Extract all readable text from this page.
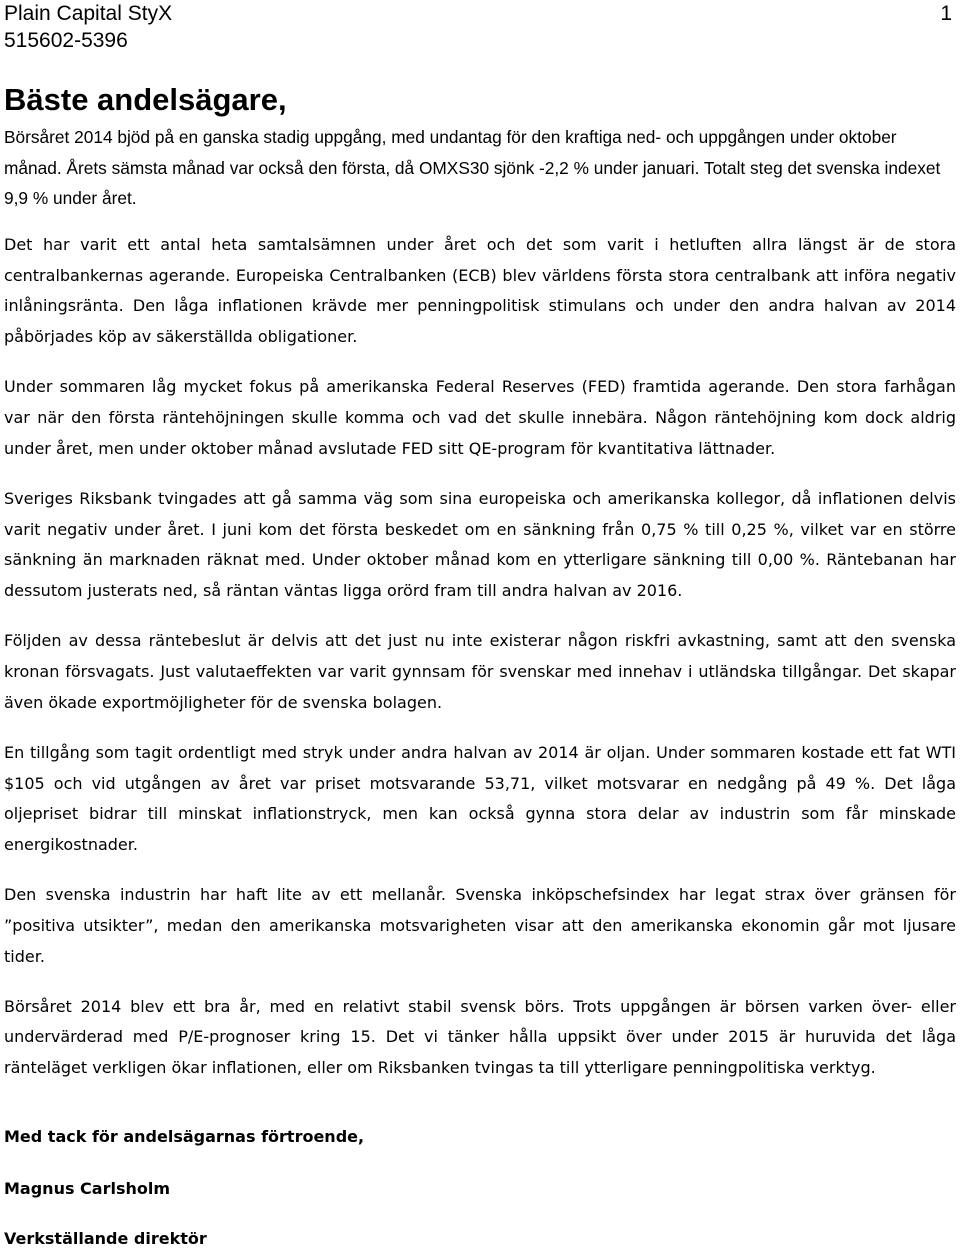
Plain Capital StyX	1
515602-5396
Bäste andelsägare,

Börsåret 2014 bjöd på en ganska stadig uppgång, med undantag för den kraftiga ned- och uppgången under oktober månad. Årets sämsta månad var också den första, då OMXS30 sjönk -2,2 % under januari. Totalt steg det svenska indexet 9,9 % under året.

Det har varit ett antal heta samtalsämnen under året och det som varit i hetluften allra längst är de stora centralbankernas agerande. Europeiska Centralbanken (ECB) blev världens första stora centralbank att införa negativ inlåningsränta. Den låga inflationen krävde mer penningpolitisk stimulans och under den andra halvan av 2014 påbörjades köp av säkerställda obligationer.

Under sommaren låg mycket fokus på amerikanska Federal Reserves (FED) framtida agerande. Den stora farhågan var när den första räntehöjningen skulle komma och vad det skulle innebära. Någon räntehöjning kom dock aldrig under året, men under oktober månad avslutade FED sitt QE-program för kvantitativa lättnader.

Sveriges Riksbank tvingades att gå samma väg som sina europeiska och amerikanska kollegor, då inflationen delvis varit negativ under året. I juni kom det första beskedet om en sänkning från 0,75 % till 0,25 %, vilket var en större sänkning än marknaden räknat med. Under oktober månad kom en ytterligare sänkning till 0,00 %. Räntebanan har dessutom justerats ned, så räntan väntas ligga orörd fram till andra halvan av 2016.

Följden av dessa räntebeslut är delvis att det just nu inte existerar någon riskfri avkastning, samt att den svenska kronan försvagats. Just valutaeffekten var varit gynnsam för svenskar med innehav i utländska tillgångar. Det skapar även ökade exportmöjligheter för de svenska bolagen.

En tillgång som tagit ordentligt med stryk under andra halvan av 2014 är oljan. Under sommaren kostade ett fat WTI $105 och vid utgången av året var priset motsvarande 53,71, vilket motsvarar en nedgång på 49 %. Det låga oljepriset bidrar till minskat inflationstryck, men kan också gynna stora delar av industrin som får minskade energikostnader.

Den svenska industrin har haft lite av ett mellanår. Svenska inköpschefsindex har legat strax över gränsen för ”positiva utsikter”, medan den amerikanska motsvarigheten visar att den amerikanska ekonomin går mot ljusare tider.

Börsåret 2014 blev ett bra år, med en relativt stabil svensk börs. Trots uppgången är börsen varken över- eller undervärderad med P/E-prognoser kring 15. Det vi tänker hålla uppsikt över under 2015 är huruvida det låga ränteläget verkligen ökar inflationen, eller om Riksbanken tvingas ta till ytterligare penningpolitiska verktyg.

Med tack för andelsägarnas förtroende,

Magnus Carlsholm

Verkställande direktör
